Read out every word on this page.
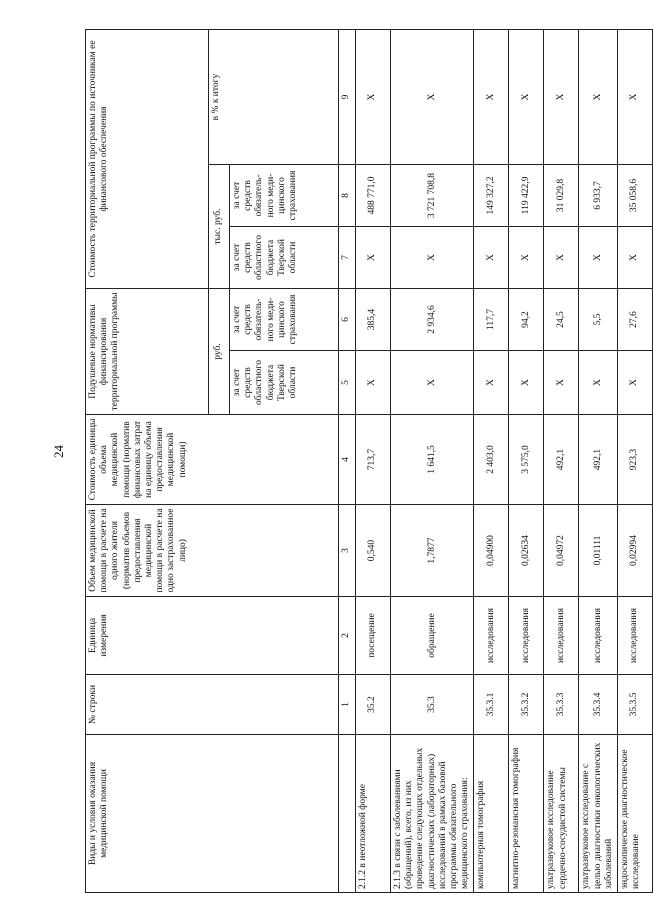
24
Виды и условия оказания медицинской помощи	№ строки	Единица измерения	Объем медицинской помощи в расчете на одного жителя (норматив объемов предоставления медицинской помощи в расчете на одно застрахованное лицо)	Стоимость единицы объема медицинской помощи (норматив финансовых затрат на единицу объема предоставления медицинской помощи)	Подушевые нормативы финансирования территориальной программы		Стоимость территориальной программы по источникам ее финансового обеспечения		
					руб.		тыс. руб.		в % к итогу
					за счет средств областного бюджета Тверской области	за счет средств обязатель-ного меди-цинского страхования	за счет средств областного бюджета Тверской области	за счет средств обязатель-ного меди-цинского страхования	
	1	2	3	4	5	6	7	8	9
2.1.2 в неотложной форме	35.2	посещение	0,540	713,7	X	385,4	X	488 771,0	X
2.1.3 в связи с заболеваниями (обращений), всего, из них проведение следующих отдельных диагностических (лабораторных) исследований в рамках базовой программы обязательного медицинского страхования:	35.3	обращение	1,7877	1 641,5	X	2 934,6	X	3 721 708,8	X
компьютерная томография	35.3.1	исследования	0,04900	2 403,0	X	117,7	X	149 327,2	X
магнитно-резонансная томография	35.3.2	исследования	0,02634	3 575,0	X	94,2	X	119 422,9	X
ультразвуковое исследование сердечно-сосудистой системы	35.3.3	исследования	0,04972	492,1	X	24,5	X	31 029,8	X
ультразвуковое исследование с целью диагностики онкологических заболеваний	35.3.4	исследования	0,01111	492,1	X	5,5	X	6 933,7	X
эндоскопическое диагностическое исследование	35.3.5	исследования	0,02994	923,3	X	27,6	X	35 058,6	X
